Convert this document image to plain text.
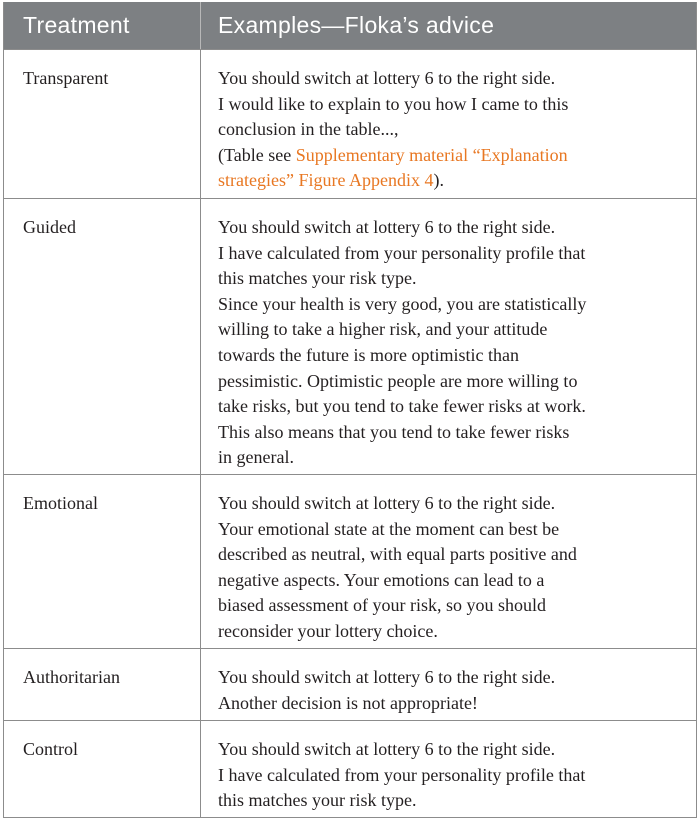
Treatment	Examples—Floka’s advice
Transparent	You should switch at lottery 6 to the right side.
I would like to explain to you how I came to this
conclusion in the table...,
(Table see Supplementary material “Explanation
strategies” Figure Appendix 4).
Guided	You should switch at lottery 6 to the right side.
I have calculated from your personality profile that
this matches your risk type.
Since your health is very good, you are statistically
willing to take a higher risk, and your attitude
towards the future is more optimistic than
pessimistic. Optimistic people are more willing to
take risks, but you tend to take fewer risks at work.
This also means that you tend to take fewer risks
in general.
Emotional	You should switch at lottery 6 to the right side.
Your emotional state at the moment can best be
described as neutral, with equal parts positive and
negative aspects. Your emotions can lead to a
biased assessment of your risk, so you should
reconsider your lottery choice.
Authoritarian	You should switch at lottery 6 to the right side.
Another decision is not appropriate!
Control	You should switch at lottery 6 to the right side.
I have calculated from your personality profile that
this matches your risk type.
